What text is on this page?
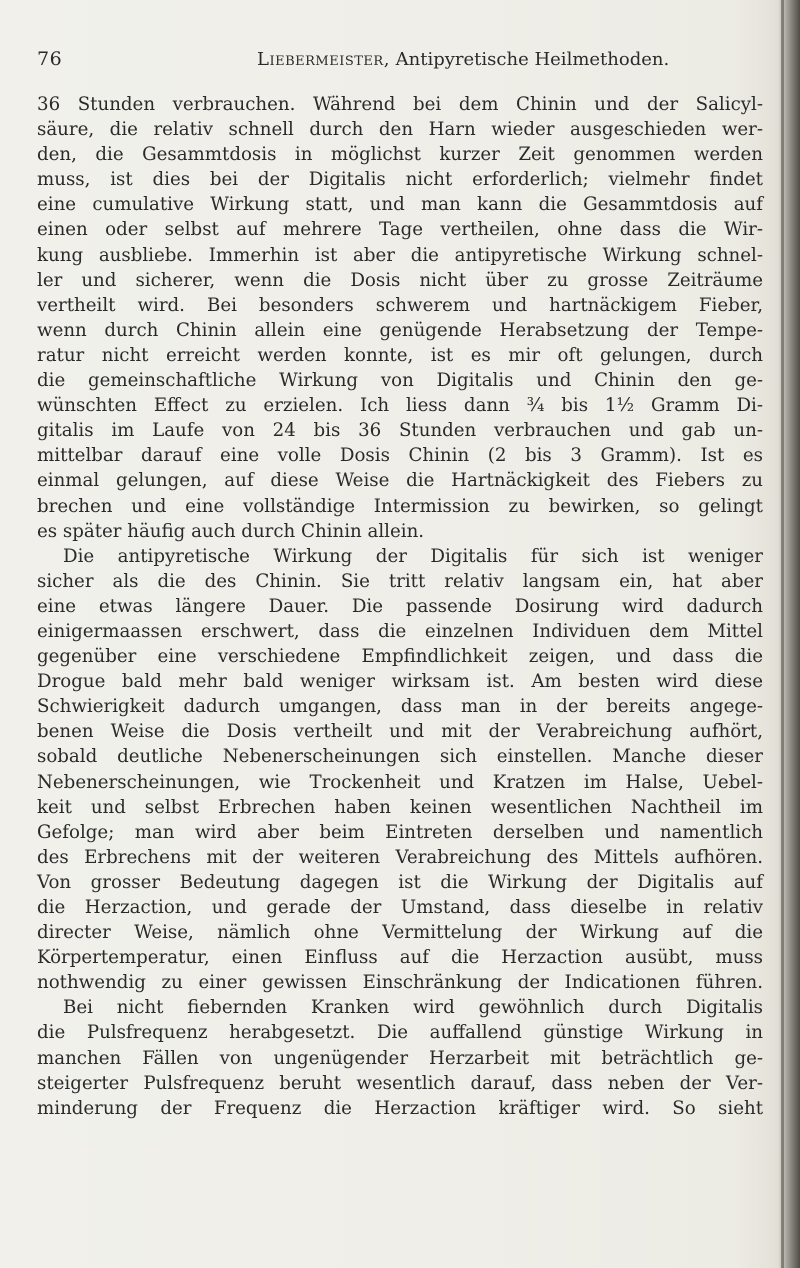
76	Liebermeister, Antipyretische Heilmethoden.
36 Stunden verbrauchen. Während bei dem Chinin und der Salicyl-
säure, die relativ schnell durch den Harn wieder ausgeschieden wer-
den, die Gesammtdosis in möglichst kurzer Zeit genommen werden
muss, ist dies bei der Digitalis nicht erforderlich; vielmehr findet
eine cumulative Wirkung statt, und man kann die Gesammtdosis auf
einen oder selbst auf mehrere Tage vertheilen, ohne dass die Wir-
kung ausbliebe. Immerhin ist aber die antipyretische Wirkung schnel-
ler und sicherer, wenn die Dosis nicht über zu grosse Zeiträume
vertheilt wird. Bei besonders schwerem und hartnäckigem Fieber,
wenn durch Chinin allein eine genügende Herabsetzung der Tempe-
ratur nicht erreicht werden konnte, ist es mir oft gelungen, durch
die gemeinschaftliche Wirkung von Digitalis und Chinin den ge-
wünschten Effect zu erzielen. Ich liess dann ¾ bis 1½ Gramm Di-
gitalis im Laufe von 24 bis 36 Stunden verbrauchen und gab un-
mittelbar darauf eine volle Dosis Chinin (2 bis 3 Gramm). Ist es
einmal gelungen, auf diese Weise die Hartnäckigkeit des Fiebers zu
brechen und eine vollständige Intermission zu bewirken, so gelingt
es später häufig auch durch Chinin allein.
Die antipyretische Wirkung der Digitalis für sich ist weniger
sicher als die des Chinin. Sie tritt relativ langsam ein, hat aber
eine etwas längere Dauer. Die passende Dosirung wird dadurch
einigermaassen erschwert, dass die einzelnen Individuen dem Mittel
gegenüber eine verschiedene Empfindlichkeit zeigen, und dass die
Drogue bald mehr bald weniger wirksam ist. Am besten wird diese
Schwierigkeit dadurch umgangen, dass man in der bereits angege-
benen Weise die Dosis vertheilt und mit der Verabreichung aufhört,
sobald deutliche Nebenerscheinungen sich einstellen. Manche dieser
Nebenerscheinungen, wie Trockenheit und Kratzen im Halse, Uebel-
keit und selbst Erbrechen haben keinen wesentlichen Nachtheil im
Gefolge; man wird aber beim Eintreten derselben und namentlich
des Erbrechens mit der weiteren Verabreichung des Mittels aufhören.
Von grosser Bedeutung dagegen ist die Wirkung der Digitalis auf
die Herzaction, und gerade der Umstand, dass dieselbe in relativ
directer Weise, nämlich ohne Vermittelung der Wirkung auf die
Körpertemperatur, einen Einfluss auf die Herzaction ausübt, muss
nothwendig zu einer gewissen Einschränkung der Indicationen führen.
Bei nicht fiebernden Kranken wird gewöhnlich durch Digitalis
die Pulsfrequenz herabgesetzt. Die auffallend günstige Wirkung in
manchen Fällen von ungenügender Herzarbeit mit beträchtlich ge-
steigerter Pulsfrequenz beruht wesentlich darauf, dass neben der Ver-
minderung der Frequenz die Herzaction kräftiger wird. So sieht
